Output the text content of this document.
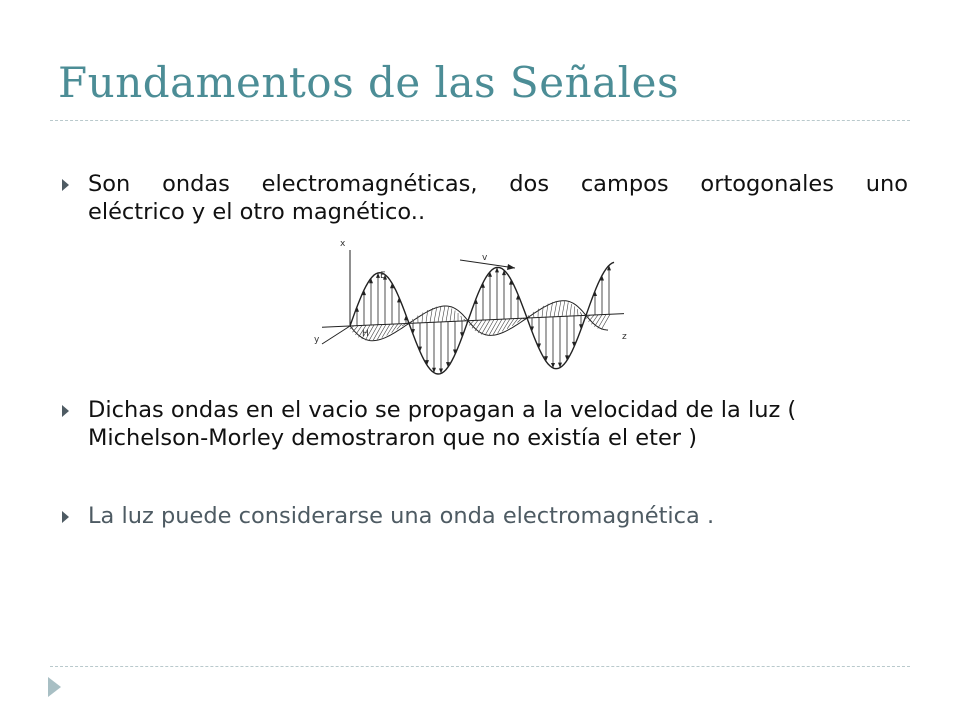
Fundamentos de las Señales
Son ondas electromagnéticas, dos campos ortogonales uno
eléctrico y el otro magnético..
Dichas ondas en el vacio se propagan a la velocidad de la luz (
Michelson-Morley demostraron que no existía el eter )
La luz puede considerarse una onda electromagnética .
x
E
v
y
H	z
